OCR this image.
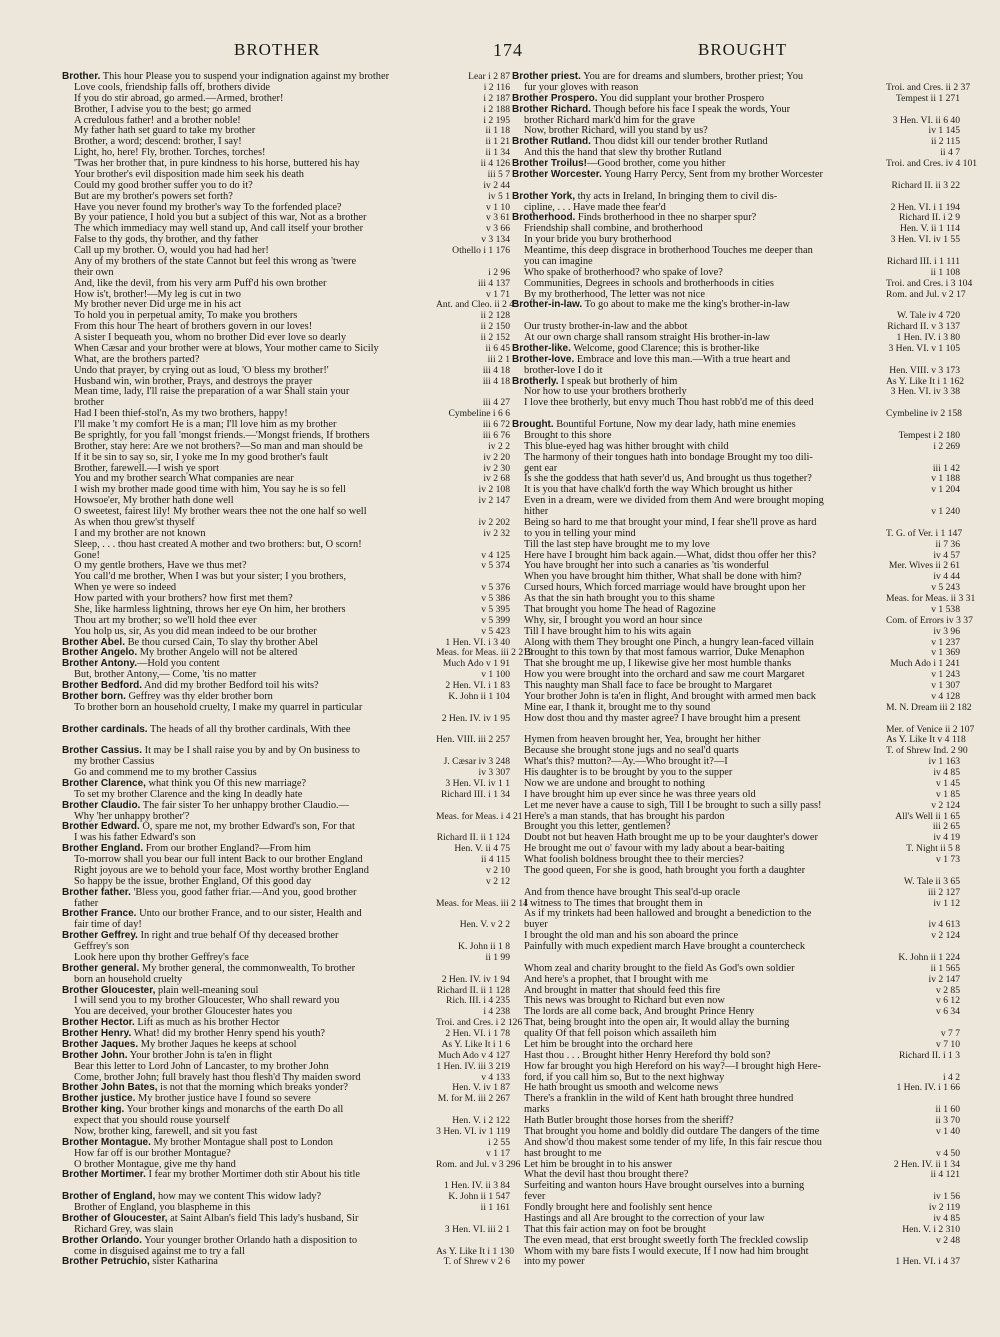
BROTHER	174	BROUGHT
Brother. This hour Please you to suspend your indignation against my brother	Lear i 2 87
Love cools, friendship falls off, brothers divide	i 2 116
If you do stir abroad, go armed.—Armed, brother!	i 2 187
Brother, I advise you to the best; go armed	i 2 188
A credulous father! and a brother noble!	i 2 195
My father hath set guard to take my brother	ii 1 18
Brother, a word; descend: brother, I say!	ii 1 21
Light, ho, here! Fly, brother. Torches, torches!	ii 1 34
'Twas her brother that, in pure kindness to his horse, buttered his hay	ii 4 126
Your brother's evil disposition made him seek his death	iii 5 7
Could my good brother suffer you to do it?	iv 2 44
But are my brother's powers set forth?	iv 5 1
Have you never found my brother's way To the forfended place?	v 1 10
By your patience, I hold you but a subject of this war, Not as a brother	v 3 61
The which immediacy may well stand up, And call itself your brother	v 3 66
False to thy gods, thy brother, and thy father	v 3 134
Call up my brother. O, would you had had her!	Othello i 1 176
Any of my brothers of the state Cannot but feel this wrong as 'twere
their own	i 2 96
And, like the devil, from his very arm Puff'd his own brother	iii 4 137
How is't, brother!—My leg is cut in two	v 1 71
My brother never Did urge me in his act	Ant. and Cleo. ii 2 45
To hold you in perpetual amity, To make you brothers	ii 2 128
From this hour The heart of brothers govern in our loves!	ii 2 150
A sister I bequeath you, whom no brother Did ever love so dearly	ii 2 152
When Cæsar and your brother were at blows, Your mother came to Sicily	ii 6 45
What, are the brothers parted?	iii 2 1
Undo that prayer, by crying out as loud, 'O bless my brother!'	iii 4 18
Husband win, win brother, Prays, and destroys the prayer	iii 4 18
Mean time, lady, I'll raise the preparation of a war Shall stain your
brother	iii 4 27
Had I been thief-stol'n, As my two brothers, happy!	Cymbeline i 6 6
I'll make 't my comfort He is a man; I'll love him as my brother	iii 6 72
Be sprightly, for you fall 'mongst friends.—'Mongst friends, If brothers	iii 6 76
Brother, stay here: Are we not brothers?—So man and man should be	iv 2 2
If it be sin to say so, sir, I yoke me In my good brother's fault	iv 2 20
Brother, farewell.—I wish ye sport	iv 2 30
You and my brother search What companies are near	iv 2 68
I wish my brother made good time with him, You say he is so fell	iv 2 108
Howsoe'er, My brother hath done well	iv 2 147
O sweetest, fairest lily! My brother wears thee not the one half so well
As when thou grew'st thyself	iv 2 202
I and my brother are not known	iv 2 32
Sleep, . . . thou hast created A mother and two brothers: but, O scorn!
Gone!	v 4 125
O my gentle brothers, Have we thus met?	v 5 374
You call'd me brother, When I was but your sister; I you brothers,
When ye were so indeed	v 5 376
How parted with your brothers? how first met them?	v 5 386
She, like harmless lightning, throws her eye On him, her brothers	v 5 395
Thou art my brother; so we'll hold thee ever	v 5 399
You holp us, sir, As you did mean indeed to be our brother	v 5 423
Brother Abel. Be thou cursed Cain, To slay thy brother Abel	1 Hen. VI. i 3 40
Brother Angelo. My brother Angelo will not be altered	Meas. for Meas. iii 2 219
Brother Antony.—Hold you content	Much Ado v 1 91
But, brother Antony,— Come, 'tis no matter	v 1 100
Brother Bedford. And did my brother Bedford toil his wits?	2 Hen. VI. i 1 83
Brother born. Geffrey was thy elder brother born	K. John ii 1 104
To brother born an household cruelty, I make my quarrel in particular
2 Hen. IV. iv 1 95
Brother cardinals. The heads of all thy brother cardinals, With thee
Hen. VIII. iii 2 257
Brother Cassius. It may be I shall raise you by and by On business to
my brother Cassius	J. Cæsar iv 3 248
Go and commend me to my brother Cassius	iv 3 307
Brother Clarence, what think you Of this new marriage?	3 Hen. VI. iv 1 1
To set my brother Clarence and the king In deadly hate	Richard III. i 1 34
Brother Claudio. The fair sister To her unhappy brother Claudio.—
Why 'her unhappy brother'?	Meas. for Meas. i 4 21
Brother Edward. O, spare me not, my brother Edward's son, For that
I was his father Edward's son	Richard II. ii 1 124
Brother England. From our brother England?—From him	Hen. V. ii 4 75
To-morrow shall you bear our full intent Back to our brother England	ii 4 115
Right joyous are we to behold your face, Most worthy brother England	v 2 10
So happy be the issue, brother England, Of this good day	v 2 12
Brother father. 'Bless you, good father friar.—And you, good brother
father	Meas. for Meas. iii 2 14
Brother France. Unto our brother France, and to our sister, Health and
fair time of day!	Hen. V. v 2 2
Brother Geffrey. In right and true behalf Of thy deceased brother
Geffrey's son	K. John ii 1 8
Look here upon thy brother Geffrey's face	ii 1 99
Brother general. My brother general, the commonwealth, To brother
born an household cruelty	2 Hen. IV. iv 1 94
Brother Gloucester, plain well-meaning soul	Richard II. ii 1 128
I will send you to my brother Gloucester, Who shall reward you	Rich. III. i 4 235
You are deceived, your brother Gloucester hates you	i 4 238
Brother Hector. Lift as much as his brother Hector	Troi. and Cres. i 2 126
Brother Henry. What! did my brother Henry spend his youth?	2 Hen. VI. i 1 78
Brother Jaques. My brother Jaques he keeps at school	As Y. Like It i 1 6
Brother John. Your brother John is ta'en in flight	Much Ado v 4 127
Bear this letter to Lord John of Lancaster, to my brother John	1 Hen. IV. iii 3 219
Come, brother John; full bravely hast thou flesh'd Thy maiden sword	v 4 133
Brother John Bates, is not that the morning which breaks yonder?	Hen. V. iv 1 87
Brother justice. My brother justice have I found so severe	M. for M. iii 2 267
Brother king. Your brother kings and monarchs of the earth Do all
expect that you should rouse yourself	Hen. V. i 2 122
Now, brother king, farewell, and sit you fast	3 Hen. VI. iv 1 119
Brother Montague. My brother Montague shall post to London	i 2 55
How far off is our brother Montague?	v 1 17
O brother Montague, give me thy hand	Rom. and Jul. v 3 296
Brother Mortimer. I fear my brother Mortimer doth stir About his title
1 Hen. IV. ii 3 84
Brother of England, how may we content This widow lady?	K. John ii 1 547
Brother of England, you blaspheme in this	ii 1 161
Brother of Gloucester, at Saint Alban's field This lady's husband, Sir
Richard Grey, was slain	3 Hen. VI. iii 2 1
Brother Orlando. Your younger brother Orlando hath a disposition to
come in disguised against me to try a fall	As Y. Like It i 1 130
Brother Petruchio, sister Katharina	T. of Shrew v 2 6
Brother priest. You are for dreams and slumbers, brother priest; You
fur your gloves with reason	Troi. and Cres. ii 2 37
Brother Prospero. You did supplant your brother Prospero	Tempest ii 1 271
Brother Richard. Though before his face I speak the words, Your
brother Richard mark'd him for the grave	3 Hen. VI. ii 6 40
Now, brother Richard, will you stand by us?	iv 1 145
Brother Rutland. Thou didst kill our tender brother Rutland	ii 2 115
And this the hand that slew thy brother Rutland	ii 4 7
Brother Troilus!—Good brother, come you hither	Troi. and Cres. iv 4 101
Brother Worcester. Young Harry Percy, Sent from my brother Worcester
Richard II. ii 3 22
Brother York, thy acts in Ireland, In bringing them to civil dis-
cipline, . . . Have made thee fear'd	2 Hen. VI. i 1 194
Brotherhood. Finds brotherhood in thee no sharper spur?	Richard II. i 2 9
Friendship shall combine, and brotherhood	Hen. V. ii 1 114
In your bride you bury brotherhood	3 Hen. VI. iv 1 55
Meantime, this deep disgrace in brotherhood Touches me deeper than
you can imagine	Richard III. i 1 111
Who spake of brotherhood? who spake of love?	ii 1 108
Communities, Degrees in schools and brotherhoods in cities	Troi. and Cres. i 3 104
By my brotherhood, The letter was not nice	Rom. and Jul. v 2 17
Brother-in-law. To go about to make me the king's brother-in-law
W. Tale iv 4 720
Our trusty brother-in-law and the abbot	Richard II. v 3 137
At our own charge shall ransom straight His brother-in-law	1 Hen. IV. i 3 80
Brother-like. Welcome, good Clarence; this is brother-like	3 Hen. VI. v 1 105
Brother-love. Embrace and love this man.—With a true heart and
brother-love I do it	Hen. VIII. v 3 173
Brotherly. I speak but brotherly of him	As Y. Like It i 1 162
Nor how to use your brothers brotherly	3 Hen. VI. iv 3 38
I love thee brotherly, but envy much Thou hast robb'd me of this deed
Cymbeline iv 2 158
Brought. Bountiful Fortune, Now my dear lady, hath mine enemies
Brought to this shore	Tempest i 2 180
This blue-eyed hag was hither brought with child	i 2 269
The harmony of their tongues hath into bondage Brought my too dili-
gent ear	iii 1 42
Is she the goddess that hath sever'd us, And brought us thus together?	v 1 188
It is you that have chalk'd forth the way Which brought us hither	v 1 204
Even in a dream, were we divided from them And were brought moping
hither	v 1 240
Being so hard to me that brought your mind, I fear she'll prove as hard
to you in telling your mind	T. G. of Ver. i 1 147
Till the last step have brought me to my love	ii 7 36
Here have I brought him back again.—What, didst thou offer her this?	iv 4 57
You have brought her into such a canaries as 'tis wonderful	Mer. Wives ii 2 61
When you have brought him thither, What shall be done with him?	iv 4 44
Cursed hours, Which forced marriage would have brought upon her	v 5 243
As that the sin hath brought you to this shame	Meas. for Meas. ii 3 31
That brought you home The head of Ragozine	v 1 538
Why, sir, I brought you word an hour since	Com. of Errors iv 3 37
Till I have brought him to his wits again	iv 3 96
Along with them They brought one Pinch, a hungry lean-faced villain	v 1 237
Brought to this town by that most famous warrior, Duke Menaphon	v 1 369
That she brought me up, I likewise give her most humble thanks	Much Ado i 1 241
How you were brought into the orchard and saw me court Margaret	v 1 243
This naughty man Shall face to face be brought to Margaret	v 1 307
Your brother John is ta'en in flight, And brought with armed men back	v 4 128
Mine ear, I thank it, brought me to thy sound	M. N. Dream iii 2 182
How dost thou and thy master agree? I have brought him a present
Mer. of Venice ii 2 107
Hymen from heaven brought her, Yea, brought her hither	As Y. Like It v 4 118
Because she brought stone jugs and no seal'd quarts	T. of Shrew Ind. 2 90
What's this? mutton?—Ay.—Who brought it?—I	iv 1 163
His daughter is to be brought by you to the supper	iv 4 85
Now we are undone and brought to nothing	v 1 45
I have brought him up ever since he was three years old	v 1 85
Let me never have a cause to sigh, Till I be brought to such a silly pass!	v 2 124
Here's a man stands, that has brought his pardon	All's Well ii 1 65
Brought you this letter, gentlemen?	iii 2 65
Doubt not but heaven Hath brought me up to be your daughter's dower	iv 4 19
He brought me out o' favour with my lady about a bear-baiting	T. Night ii 5 8
What foolish boldness brought thee to their mercies?	v 1 73
The good queen, For she is good, hath brought you forth a daughter
W. Tale ii 3 65
And from thence have brought This seal'd-up oracle	iii 2 127
I witness to The times that brought them in	iv 1 12
As if my trinkets had been hallowed and brought a benediction to the
buyer	iv 4 613
I brought the old man and his son aboard the prince	v 2 124
Painfully with much expedient march Have brought a countercheck
K. John ii 1 224
Whom zeal and charity brought to the field As God's own soldier	ii 1 565
And here's a prophet, that I brought with me	iv 2 147
And brought in matter that should feed this fire	v 2 85
This news was brought to Richard but even now	v 6 12
The lords are all come back, And brought Prince Henry	v 6 34
That, being brought into the open air, It would allay the burning
quality Of that fell poison which assaileth him	v 7 7
Let him be brought into the orchard here	v 7 10
Hast thou . . . Brought hither Henry Hereford thy bold son?	Richard II. i 1 3
How far brought you high Hereford on his way?—I brought high Here-
ford, if you call him so, But to the next highway	i 4 2
He hath brought us smooth and welcome news	1 Hen. IV. i 1 66
There's a franklin in the wild of Kent hath brought three hundred
marks	ii 1 60
Hath Butler brought those horses from the sheriff?	ii 3 70
That brought you home and boldly did outdare The dangers of the time	v 1 40
And show'd thou makest some tender of my life, In this fair rescue thou
hast brought to me	v 4 50
Let him be brought in to his answer	2 Hen. IV. ii 1 34
What the devil hast thou brought there?	ii 4 121
Surfeiting and wanton hours Have brought ourselves into a burning
fever	iv 1 56
Fondly brought here and foolishly sent hence	iv 2 119
Hastings and all Are brought to the correction of your law	iv 4 85
That this fair action may on foot be brought	Hen. V. i 2 310
The even mead, that erst brought sweetly forth The freckled cowslip	v 2 48
Whom with my bare fists I would execute, If I now had him brought
into my power	1 Hen. VI. i 4 37
